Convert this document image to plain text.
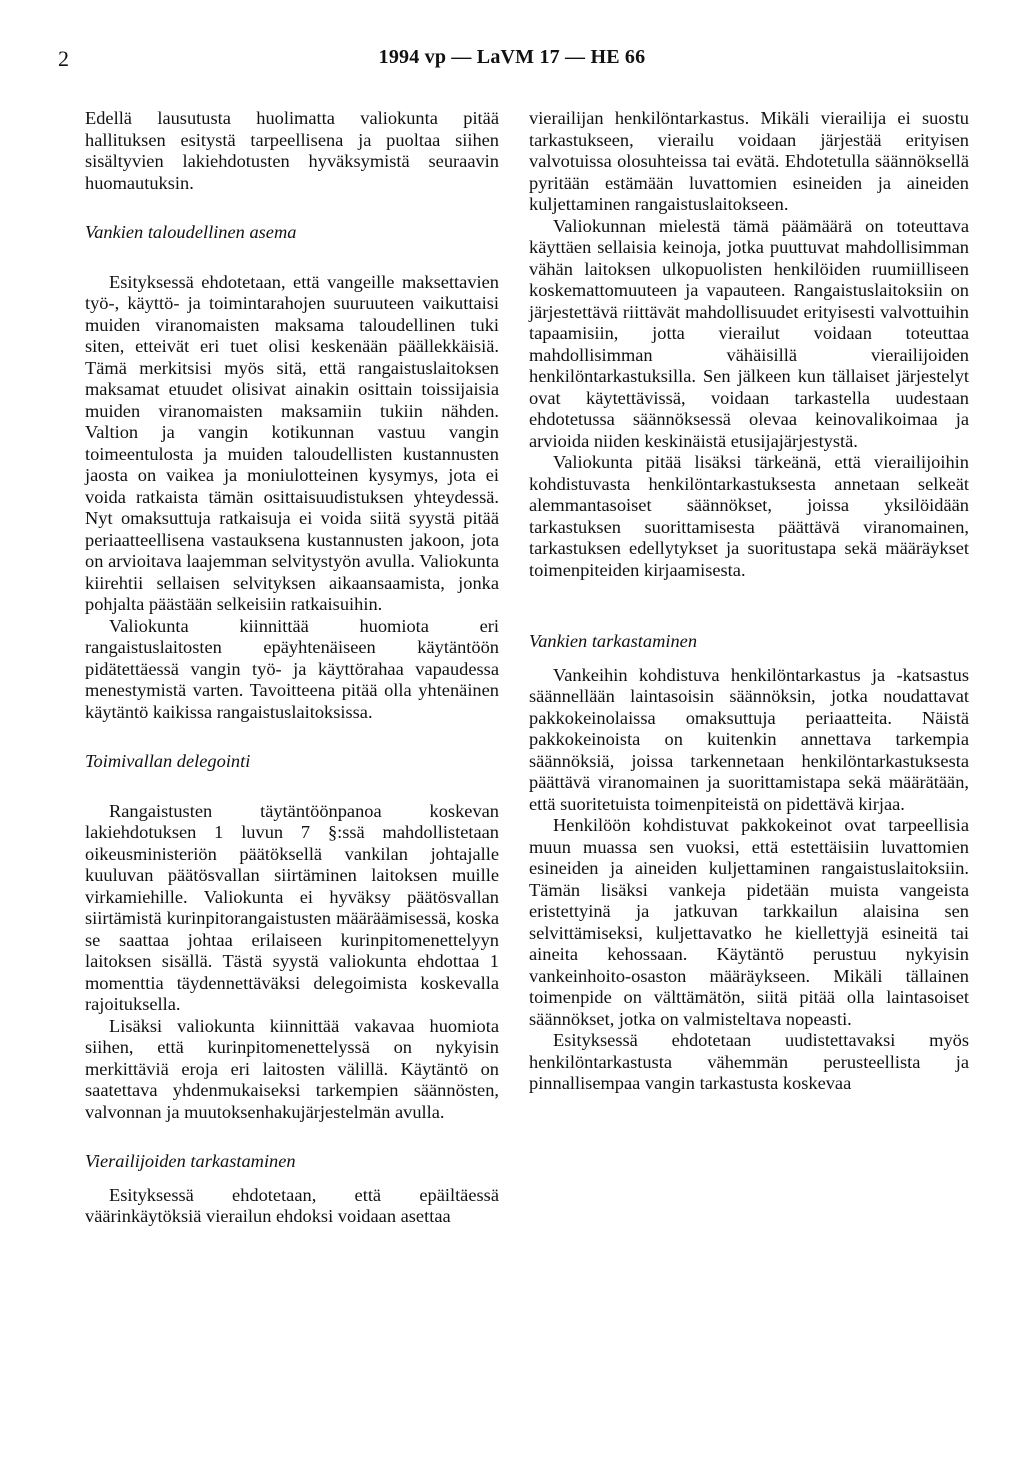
2	1994 vp — LaVM 17 — HE 66

Edellä lausutusta huolimatta valiokunta pitää hallituksen esitystä tarpeellisena ja puoltaa siihen sisältyvien lakiehdotusten hyväksymistä seuraavin huomautuksin.

Vankien taloudellinen asema

Esityksessä ehdotetaan, että vangeille maksettavien työ-, käyttö- ja toimintarahojen suuruuteen vaikuttaisi muiden viranomaisten maksama taloudellinen tuki siten, etteivät eri tuet olisi keskenään päällekkäisiä. Tämä merkitsisi myös sitä, että rangaistuslaitoksen maksamat etuudet olisivat ainakin osittain toissijaisia muiden viranomaisten maksamiin tukiin nähden. Valtion ja vangin kotikunnan vastuu vangin toimeentulosta ja muiden taloudellisten kustannusten jaosta on vaikea ja moniulotteinen kysymys, jota ei voida ratkaista tämän osittaisuudistuksen yhteydessä. Nyt omaksuttuja ratkaisuja ei voida siitä syystä pitää periaatteellisena vastauksena kustannusten jakoon, jota on arvioitava laajemman selvitystyön avulla. Valiokunta kiirehtii sellaisen selvityksen aikaansaamista, jonka pohjalta päästään selkeisiin ratkaisuihin.

Valiokunta kiinnittää huomiota eri rangaistuslaitosten epäyhtenäiseen käytäntöön pidätettäessä vangin työ- ja käyttörahaa vapaudessa menestymistä varten. Tavoitteena pitää olla yhtenäinen käytäntö kaikissa rangaistuslaitoksissa.

Toimivallan delegointi

Rangaistusten täytäntöönpanoa koskevan lakiehdotuksen 1 luvun 7 §:ssä mahdollistetaan oikeusministeriön päätöksellä vankilan johtajalle kuuluvan päätösvallan siirtäminen laitoksen muille virkamiehille. Valiokunta ei hyväksy päätösvallan siirtämistä kurinpitorangaistusten määräämisessä, koska se saattaa johtaa erilaiseen kurinpitomenettelyyn laitoksen sisällä. Tästä syystä valiokunta ehdottaa 1 momenttia täydennettäväksi delegoimista koskevalla rajoituksella.

Lisäksi valiokunta kiinnittää vakavaa huomiota siihen, että kurinpitomenettelyssä on nykyisin merkittäviä eroja eri laitosten välillä. Käytäntö on saatettava yhdenmukaiseksi tarkempien säännösten, valvonnan ja muutoksenhakujärjestelmän avulla.

Vierailijoiden tarkastaminen

Esityksessä ehdotetaan, että epäiltäessä väärinkäytöksiä vierailun ehdoksi voidaan asettaa

vierailijan henkilöntarkastus. Mikäli vierailija ei suostu tarkastukseen, vierailu voidaan järjestää erityisen valvotuissa olosuhteissa tai evätä. Ehdotetulla säännöksellä pyritään estämään luvattomien esineiden ja aineiden kuljettaminen rangaistuslaitokseen.

Valiokunnan mielestä tämä päämäärä on toteuttava käyttäen sellaisia keinoja, jotka puuttuvat mahdollisimman vähän laitoksen ulkopuolisten henkilöiden ruumiilliseen koskemattomuuteen ja vapauteen. Rangaistuslaitoksiin on järjestettävä riittävät mahdollisuudet erityisesti valvottuihin tapaamisiin, jotta vierailut voidaan toteuttaa mahdollisimman vähäisillä vierailijoiden henkilöntarkastuksilla. Sen jälkeen kun tällaiset järjestelyt ovat käytettävissä, voidaan tarkastella uudestaan ehdotetussa säännöksessä olevaa keinovalikoimaa ja arvioida niiden keskinäistä etusijajärjestystä.

Valiokunta pitää lisäksi tärkeänä, että vierailijoihin kohdistuvasta henkilöntarkastuksesta annetaan selkeät alemmantasoiset säännökset, joissa yksilöidään tarkastuksen suorittamisesta päättävä viranomainen, tarkastuksen edellytykset ja suoritustapa sekä määräykset toimenpiteiden kirjaamisesta.

Vankien tarkastaminen

Vankeihin kohdistuva henkilöntarkastus ja -katsastus säännellään laintasoisin säännöksin, jotka noudattavat pakkokeinolaissa omaksuttuja periaatteita. Näistä pakkokeinoista on kuitenkin annettava tarkempia säännöksiä, joissa tarkennetaan henkilöntarkastuksesta päättävä viranomainen ja suorittamistapa sekä määrätään, että suoritetuista toimenpiteistä on pidettävä kirjaa.

Henkilöön kohdistuvat pakkokeinot ovat tarpeellisia muun muassa sen vuoksi, että estettäisiin luvattomien esineiden ja aineiden kuljettaminen rangaistuslaitoksiin. Tämän lisäksi vankeja pidetään muista vangeista eristettyinä ja jatkuvan tarkkailun alaisina sen selvittämiseksi, kuljettavatko he kiellettyjä esineitä tai aineita kehossaan. Käytäntö perustuu nykyisin vankeinhoito-osaston määräykseen. Mikäli tällainen toimenpide on välttämätön, siitä pitää olla laintasoiset säännökset, jotka on valmisteltava nopeasti.

Esityksessä ehdotetaan uudistettavaksi myös henkilöntarkastusta vähemmän perusteellista ja pinnallisempaa vangin tarkastusta koskevaa
